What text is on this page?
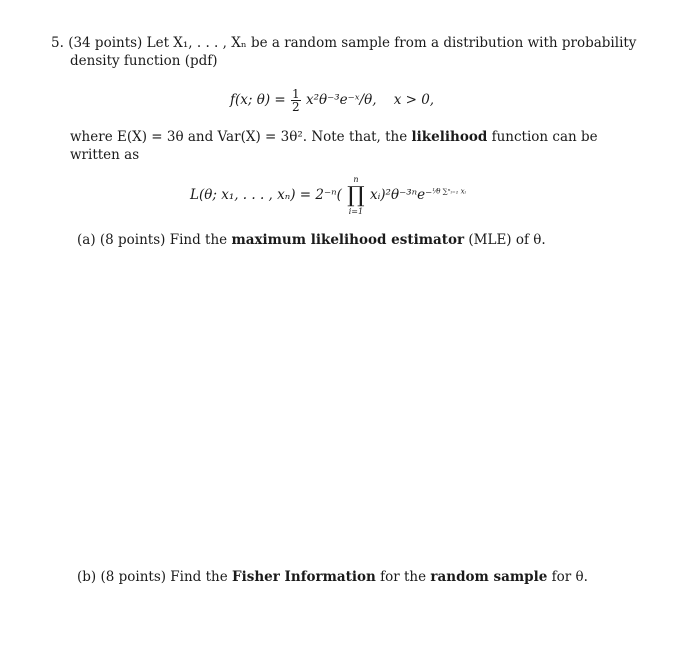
5. (34 points) Let X₁, . . . , Xₙ be a random sample from a distribution with probability
density function (pdf)
f(x; $\theta) = \frac{1}{2}$ x²θ⁻³e⁻ˣ/θ, x > 0,
where E(X) = 3θ and Var(X) = 3θ². Note that, the likelihood function can be
written as
L(θ; x₁, . . . , xₙ) = 2⁻ⁿ(
n
∏
i=1
xᵢ)²θ⁻³ⁿe⁻$^{^1⁄\theta \sum^nᵢ_{=1} xᵢ}$
(a) (8 points) Find the maximum likelihood estimator (MLE) of θ.
(b) (8 points) Find the Fisher Information for the random sample for θ.
